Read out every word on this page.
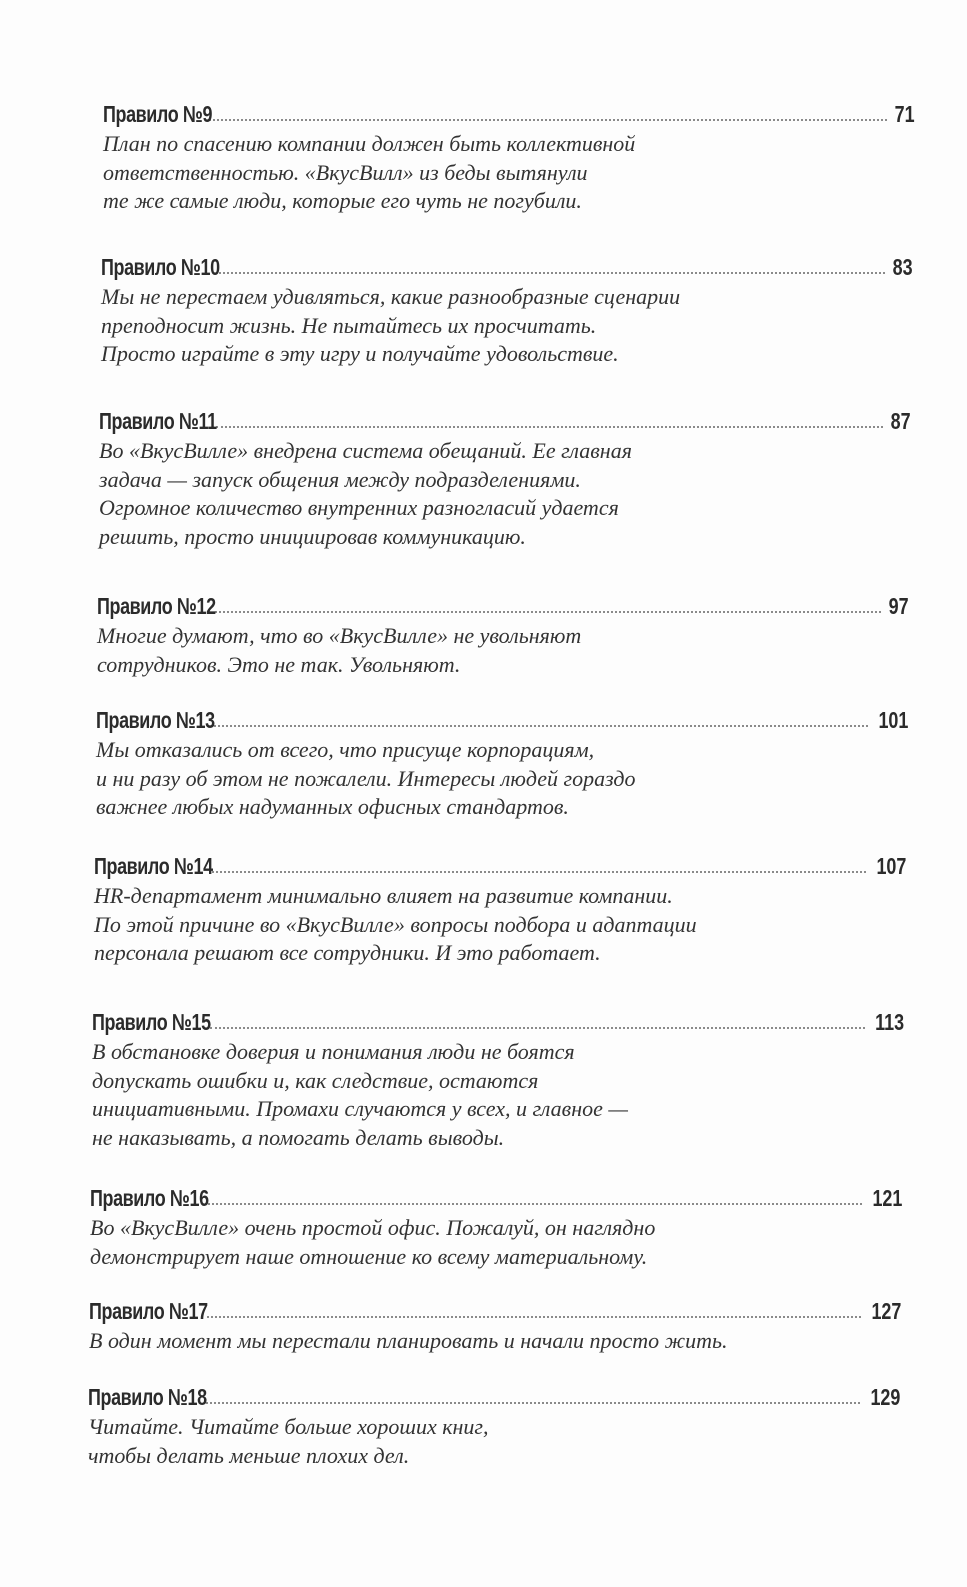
Правило №9	71
План по спасению компании должен быть коллективной
ответственностью. «ВкусВилл» из беды вытянули
те же самые люди, которые его чуть не погубили.
Правило №10	83
Мы не перестаем удивляться, какие разнообразные сценарии
преподносит жизнь. Не пытайтесь их просчитать.
Просто играйте в эту игру и получайте удовольствие.
Правило №11	87
Во «ВкусВилле» внедрена система обещаний. Ее главная
задача — запуск общения между подразделениями.
Огромное количество внутренних разногласий удается
решить, просто инициировав коммуникацию.
Правило №12	97
Многие думают, что во «ВкусВилле» не увольняют
сотрудников. Это не так. Увольняют.
Правило №13	101
Мы отказались от всего, что присуще корпорациям,
и ни разу об этом не пожалели. Интересы людей гораздо
важнее любых надуманных офисных стандартов.
Правило №14	107
HR-департамент минимально влияет на развитие компании.
По этой причине во «ВкусВилле» вопросы подбора и адаптации
персонала решают все сотрудники. И это работает.
Правило №15	113
В обстановке доверия и понимания люди не боятся
допускать ошибки и, как следствие, остаются
инициативными. Промахи случаются у всех, и главное —
не наказывать, а помогать делать выводы.
Правило №16	121
Во «ВкусВилле» очень простой офис. Пожалуй, он наглядно
демонстрирует наше отношение ко всему материальному.
Правило №17	127
В один момент мы перестали планировать и начали просто жить.
Правило №18	129
Читайте. Читайте больше хороших книг,
чтобы делать меньше плохих дел.
